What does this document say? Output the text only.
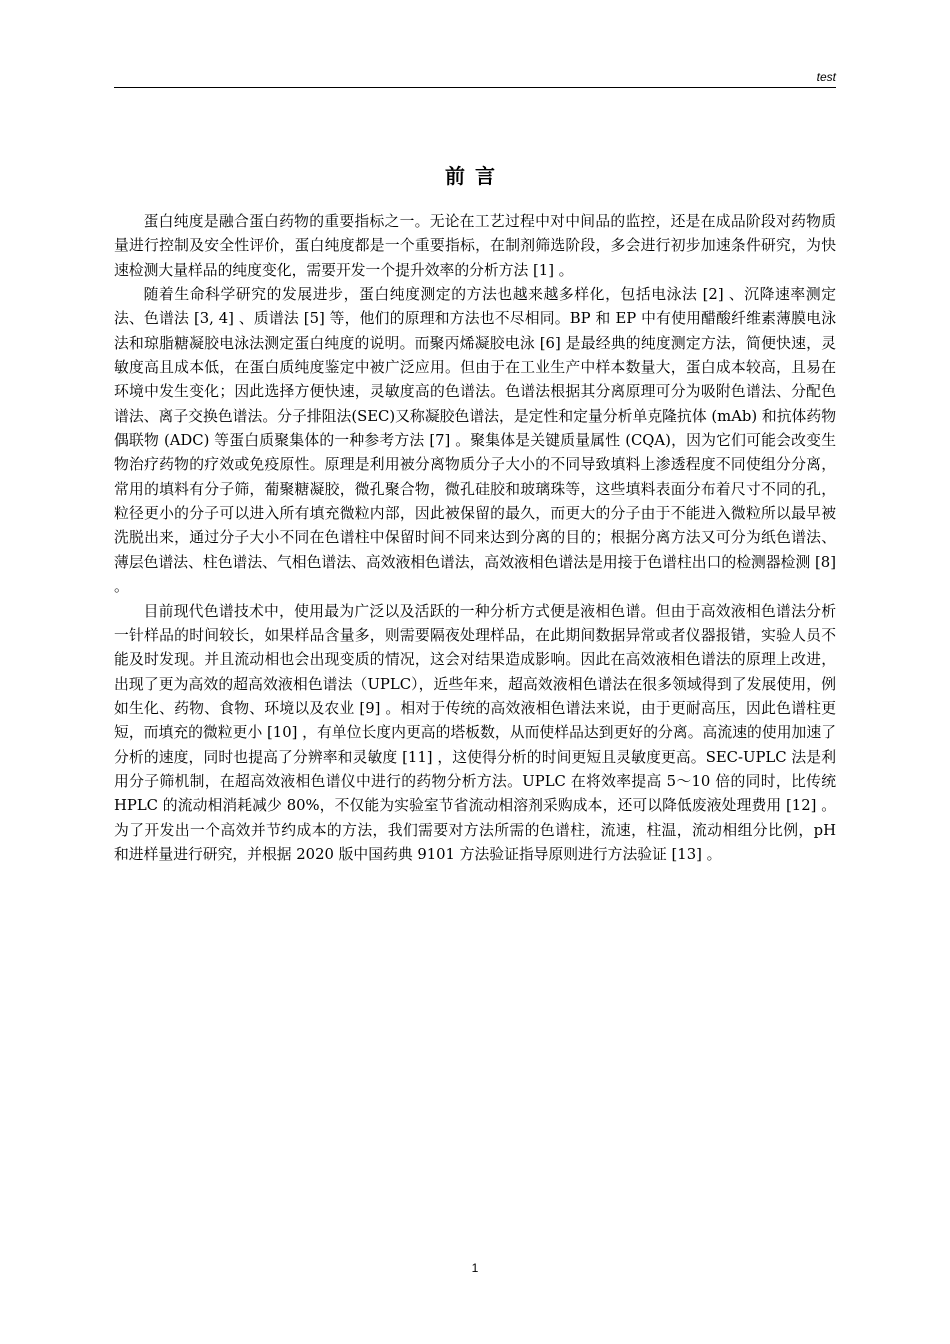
test
前言

蛋白纯度是融合蛋白药物的重要指标之一。无论在工艺过程中对中间品的监控，还是在成品阶段对药物质量进行控制及安全性评价，蛋白纯度都是一个重要指标，在制剂筛选阶段，多会进行初步加速条件研究，为快速检测大量样品的纯度变化，需要开发一个提升效率的分析方法 [1] 。

随着生命科学研究的发展进步，蛋白纯度测定的方法也越来越多样化，包括电泳法 [2] 、沉降速率测定法、色谱法 [3, 4] 、质谱法 [5] 等，他们的原理和方法也不尽相同。BP 和 EP 中有使用醋酸纤维素薄膜电泳法和琼脂糖凝胶电泳法测定蛋白纯度的说明。而聚丙烯凝胶电泳 [6] 是最经典的纯度测定方法，简便快速，灵敏度高且成本低，在蛋白质纯度鉴定中被广泛应用。但由于在工业生产中样本数量大，蛋白成本较高，且易在环境中发生变化；因此选择方便快速，灵敏度高的色谱法。色谱法根据其分离原理可分为吸附色谱法、分配色谱法、离子交换色谱法。分子排阻法(SEC)又称凝胶色谱法，是定性和定量分析单克隆抗体 (mAb) 和抗体药物偶联物 (ADC) 等蛋白质聚集体的一种参考方法 [7] 。聚集体是关键质量属性 (CQA)，因为它们可能会改变生物治疗药物的疗效或免疫原性。原理是利用被分离物质分子大小的不同导致填料上渗透程度不同使组分分离，常用的填料有分子筛，葡聚糖凝胶，微孔聚合物，微孔硅胶和玻璃珠等，这些填料表面分布着尺寸不同的孔，粒径更小的分子可以进入所有填充微粒内部，因此被保留的最久，而更大的分子由于不能进入微粒所以最早被洗脱出来，通过分子大小不同在色谱柱中保留时间不同来达到分离的目的；根据分离方法又可分为纸色谱法、薄层色谱法、柱色谱法、气相色谱法、高效液相色谱法，高效液相色谱法是用接于色谱柱出口的检测器检测 [8] 。

目前现代色谱技术中，使用最为广泛以及活跃的一种分析方式便是液相色谱。但由于高效液相色谱法分析一针样品的时间较长，如果样品含量多，则需要隔夜处理样品，在此期间数据异常或者仪器报错，实验人员不能及时发现。并且流动相也会出现变质的情况，这会对结果造成影响。因此在高效液相色谱法的原理上改进，出现了更为高效的超高效液相色谱法（UPLC），近些年来，超高效液相色谱法在很多领域得到了发展使用，例如生化、药物、食物、环境以及农业 [9] 。相对于传统的高效液相色谱法来说，由于更耐高压，因此色谱柱更短，而填充的微粒更小 [10] ，有单位长度内更高的塔板数，从而使样品达到更好的分离。高流速的使用加速了分析的速度，同时也提高了分辨率和灵敏度 [11] ，这使得分析的时间更短且灵敏度更高。SEC-UPLC 法是利用分子筛机制，在超高效液相色谱仪中进行的药物分析方法。UPLC 在将效率提高 5～10 倍的同时，比传统 HPLC 的流动相消耗减少 80%，不仅能为实验室节省流动相溶剂采购成本，还可以降低废液处理费用 [12] 。为了开发出一个高效并节约成本的方法，我们需要对方法所需的色谱柱，流速，柱温，流动相组分比例，pH 和进样量进行研究，并根据 2020 版中国药典 9101 方法验证指导原则进行方法验证 [13] 。

1
